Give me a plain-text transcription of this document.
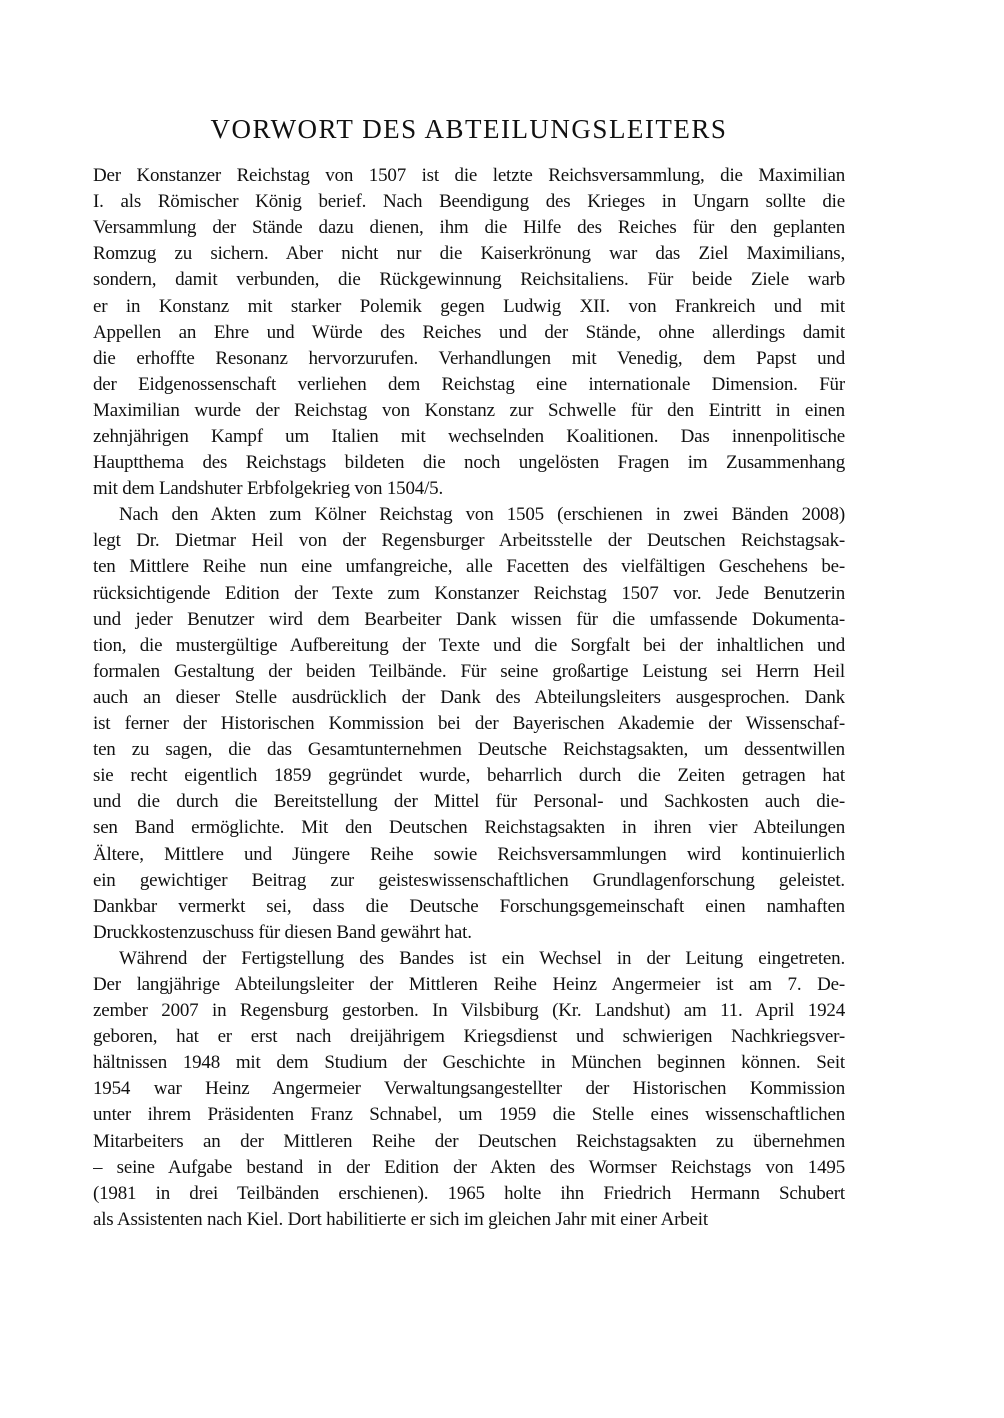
VORWORT DES ABTEILUNGSLEITERS
Der Konstanzer Reichstag von 1507 ist die letzte Reichsversammlung, die Maximilian
I. als Römischer König berief. Nach Beendigung des Krieges in Ungarn sollte die
Versammlung der Stände dazu dienen, ihm die Hilfe des Reiches für den geplanten
Romzug zu sichern. Aber nicht nur die Kaiserkrönung war das Ziel Maximilians,
sondern, damit verbunden, die Rückgewinnung Reichsitaliens. Für beide Ziele warb
er in Konstanz mit starker Polemik gegen Ludwig XII. von Frankreich und mit
Appellen an Ehre und Würde des Reiches und der Stände, ohne allerdings damit
die erhoffte Resonanz hervorzurufen. Verhandlungen mit Venedig, dem Papst und
der Eidgenossenschaft verliehen dem Reichstag eine internationale Dimension. Für
Maximilian wurde der Reichstag von Konstanz zur Schwelle für den Eintritt in einen
zehnjährigen Kampf um Italien mit wechselnden Koalitionen. Das innenpolitische
Hauptthema des Reichstags bildeten die noch ungelösten Fragen im Zusammenhang
mit dem Landshuter Erbfolgekrieg von 1504/5.
Nach den Akten zum Kölner Reichstag von 1505 (erschienen in zwei Bänden 2008)
legt Dr. Dietmar Heil von der Regensburger Arbeitsstelle der Deutschen Reichstagsak-
ten Mittlere Reihe nun eine umfangreiche, alle Facetten des vielfältigen Geschehens be-
rücksichtigende Edition der Texte zum Konstanzer Reichstag 1507 vor. Jede Benutzerin
und jeder Benutzer wird dem Bearbeiter Dank wissen für die umfassende Dokumenta-
tion, die mustergültige Aufbereitung der Texte und die Sorgfalt bei der inhaltlichen und
formalen Gestaltung der beiden Teilbände. Für seine großartige Leistung sei Herrn Heil
auch an dieser Stelle ausdrücklich der Dank des Abteilungsleiters ausgesprochen. Dank
ist ferner der Historischen Kommission bei der Bayerischen Akademie der Wissenschaf-
ten zu sagen, die das Gesamtunternehmen Deutsche Reichstagsakten, um dessentwillen
sie recht eigentlich 1859 gegründet wurde, beharrlich durch die Zeiten getragen hat
und die durch die Bereitstellung der Mittel für Personal- und Sachkosten auch die-
sen Band ermöglichte. Mit den Deutschen Reichstagsakten in ihren vier Abteilungen
Ältere, Mittlere und Jüngere Reihe sowie Reichsversammlungen wird kontinuierlich
ein gewichtiger Beitrag zur geisteswissenschaftlichen Grundlagenforschung geleistet.
Dankbar vermerkt sei, dass die Deutsche Forschungsgemeinschaft einen namhaften
Druckkostenzuschuss für diesen Band gewährt hat.
Während der Fertigstellung des Bandes ist ein Wechsel in der Leitung eingetreten.
Der langjährige Abteilungsleiter der Mittleren Reihe Heinz Angermeier ist am 7. De-
zember 2007 in Regensburg gestorben. In Vilsbiburg (Kr. Landshut) am 11. April 1924
geboren, hat er erst nach dreijährigem Kriegsdienst und schwierigen Nachkriegsver-
hältnissen 1948 mit dem Studium der Geschichte in München beginnen können. Seit
1954 war Heinz Angermeier Verwaltungsangestellter der Historischen Kommission
unter ihrem Präsidenten Franz Schnabel, um 1959 die Stelle eines wissenschaftlichen
Mitarbeiters an der Mittleren Reihe der Deutschen Reichstagsakten zu übernehmen
– seine Aufgabe bestand in der Edition der Akten des Wormser Reichstags von 1495
(1981 in drei Teilbänden erschienen). 1965 holte ihn Friedrich Hermann Schubert
als Assistenten nach Kiel. Dort habilitierte er sich im gleichen Jahr mit einer Arbeit
